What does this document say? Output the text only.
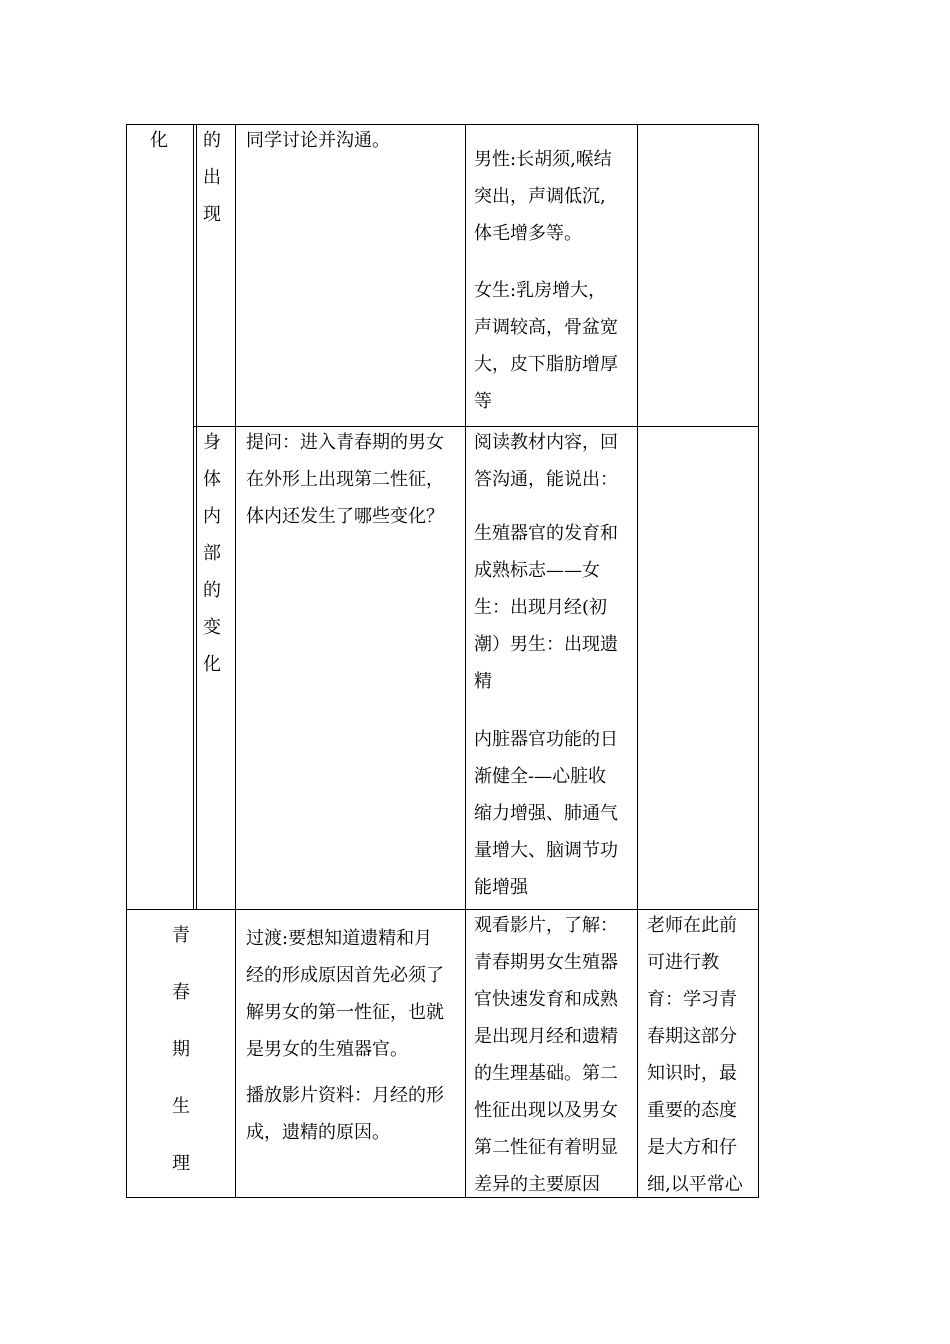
化 的
出
现
同学讨论并沟通。
男性:长胡须,喉结
突出，声调低沉,
体毛增多等。
女生:乳房增大，
声调较高，骨盆宽
大，皮下脂肪增厚
等
身
体
内
部
的
变
化
提问：进入青春期的男女
在外形上出现第二性征，
体内还发生了哪些变化？
阅读教材内容，回
答沟通，能说出：
生殖器官的发育和
成熟标志——女
生：出现月经(初
潮）男生：出现遗
精
内脏器官功能的日
渐健全-—心脏收
缩力增强、肺通气
量增大、脑调节功
能增强
青
春
期
生
理
过渡:要想知道遗精和月
经的形成原因首先必须了
解男女的第一性征，也就
是男女的生殖器官。
播放影片资料：月经的形
成，遗精的原因。
观看影片，了解：
青春期男女生殖器
官快速发育和成熟
是出现月经和遗精
的生理基础。第二
性征出现以及男女
第二性征有着明显
差异的主要原因
老师在此前
可进行教
育：学习青
春期这部分
知识时，最
重要的态度
是大方和仔
细,以平常心
